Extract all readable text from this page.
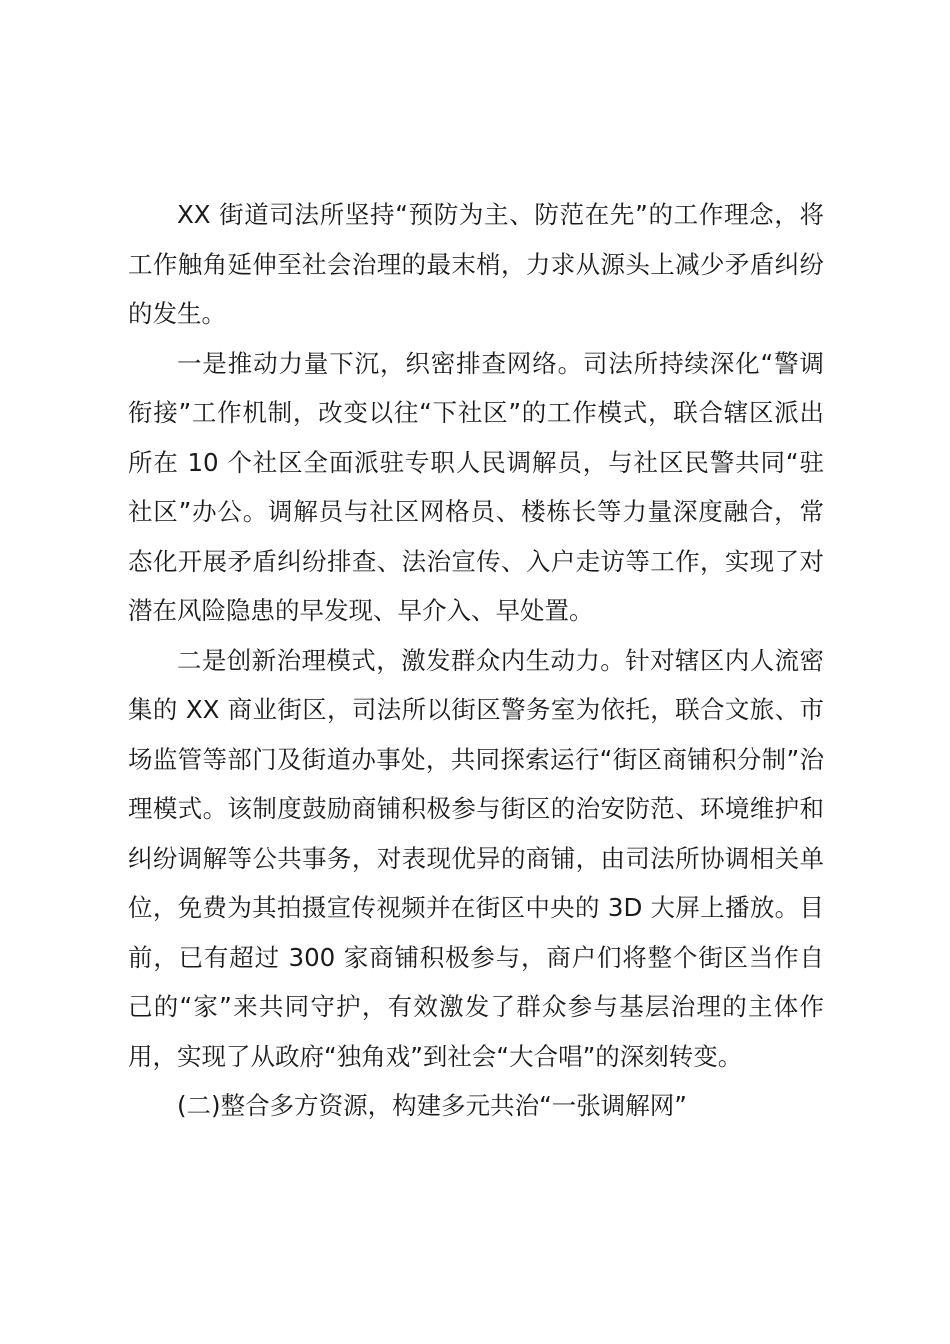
XX 街道司法所坚持“预防为主、防范在先”的工作理念，将工作触角延伸至社会治理的最末梢，力求从源头上减少矛盾纠纷的发生。

一是推动力量下沉，织密排查网络。司法所持续深化“警调衔接”工作机制，改变以往“下社区”的工作模式，联合辖区派出所在 10 个社区全面派驻专职人民调解员，与社区民警共同“驻社区”办公。调解员与社区网格员、楼栋长等力量深度融合，常态化开展矛盾纠纷排查、法治宣传、入户走访等工作，实现了对潜在风险隐患的早发现、早介入、早处置。

二是创新治理模式，激发群众内生动力。针对辖区内人流密集的 XX 商业街区，司法所以街区警务室为依托，联合文旅、市场监管等部门及街道办事处，共同探索运行“街区商铺积分制”治理模式。该制度鼓励商铺积极参与街区的治安防范、环境维护和纠纷调解等公共事务，对表现优异的商铺，由司法所协调相关单位，免费为其拍摄宣传视频并在街区中央的 3D 大屏上播放。目前，已有超过 300 家商铺积极参与，商户们将整个街区当作自己的“家”来共同守护，有效激发了群众参与基层治理的主体作用，实现了从政府“独角戏”到社会“大合唱”的深刻转变。

(二)整合多方资源，构建多元共治“一张调解网”
